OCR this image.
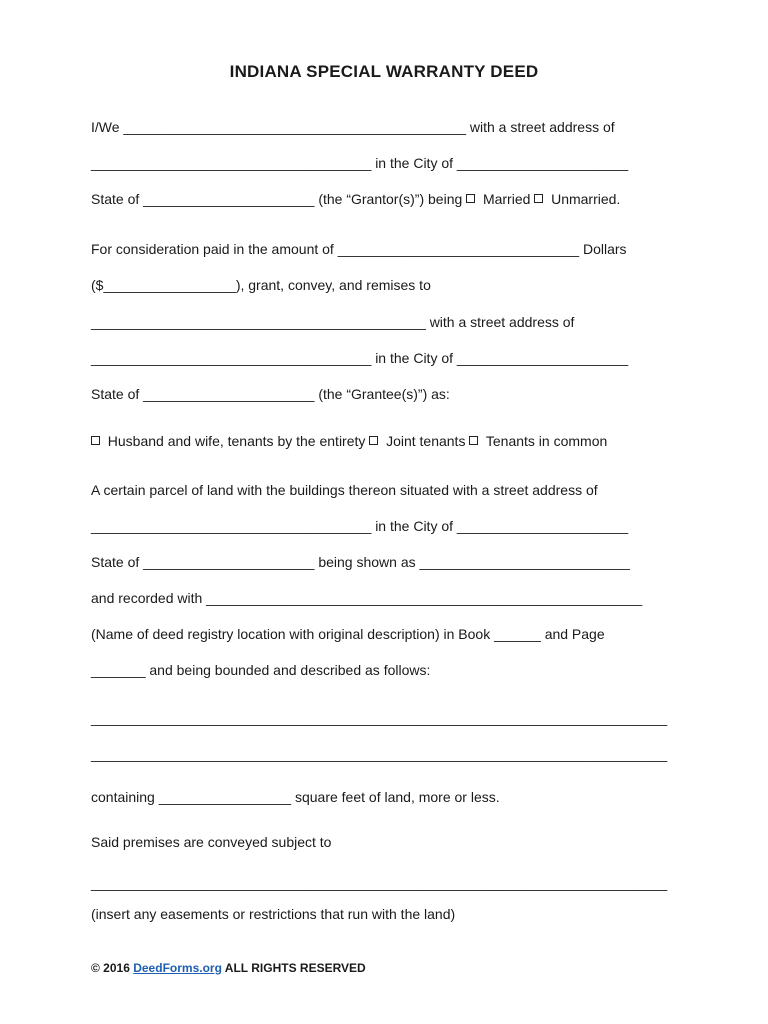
INDIANA SPECIAL WARRANTY DEED
I/We ____________________________________________ with a street address of
____________________________________ in the City of ______________________
State of ______________________ (the “Grantor(s)”) being   Married   Unmarried.
For consideration paid in the amount of _______________________________ Dollars
($_________________), grant, convey, and remises to
___________________________________________ with a street address of
____________________________________ in the City of ______________________
State of ______________________ (the “Grantee(s)”) as:
Husband and wife, tenants by the entirety   Joint tenants   Tenants in common
A certain parcel of land with the buildings thereon situated with a street address of
____________________________________ in the City of ______________________
State of ______________________ being shown as ___________________________
and recorded with ________________________________________________________
(Name of deed registry location with original description) in Book ______ and Page
_______ and being bounded and described as follows:
__________________________________________________________________________
__________________________________________________________________________
containing _________________ square feet of land, more or less.
Said premises are conveyed subject to
__________________________________________________________________________
(insert any easements or restrictions that run with the land)
© 2016 DeedForms.org ALL RIGHTS RESERVED
